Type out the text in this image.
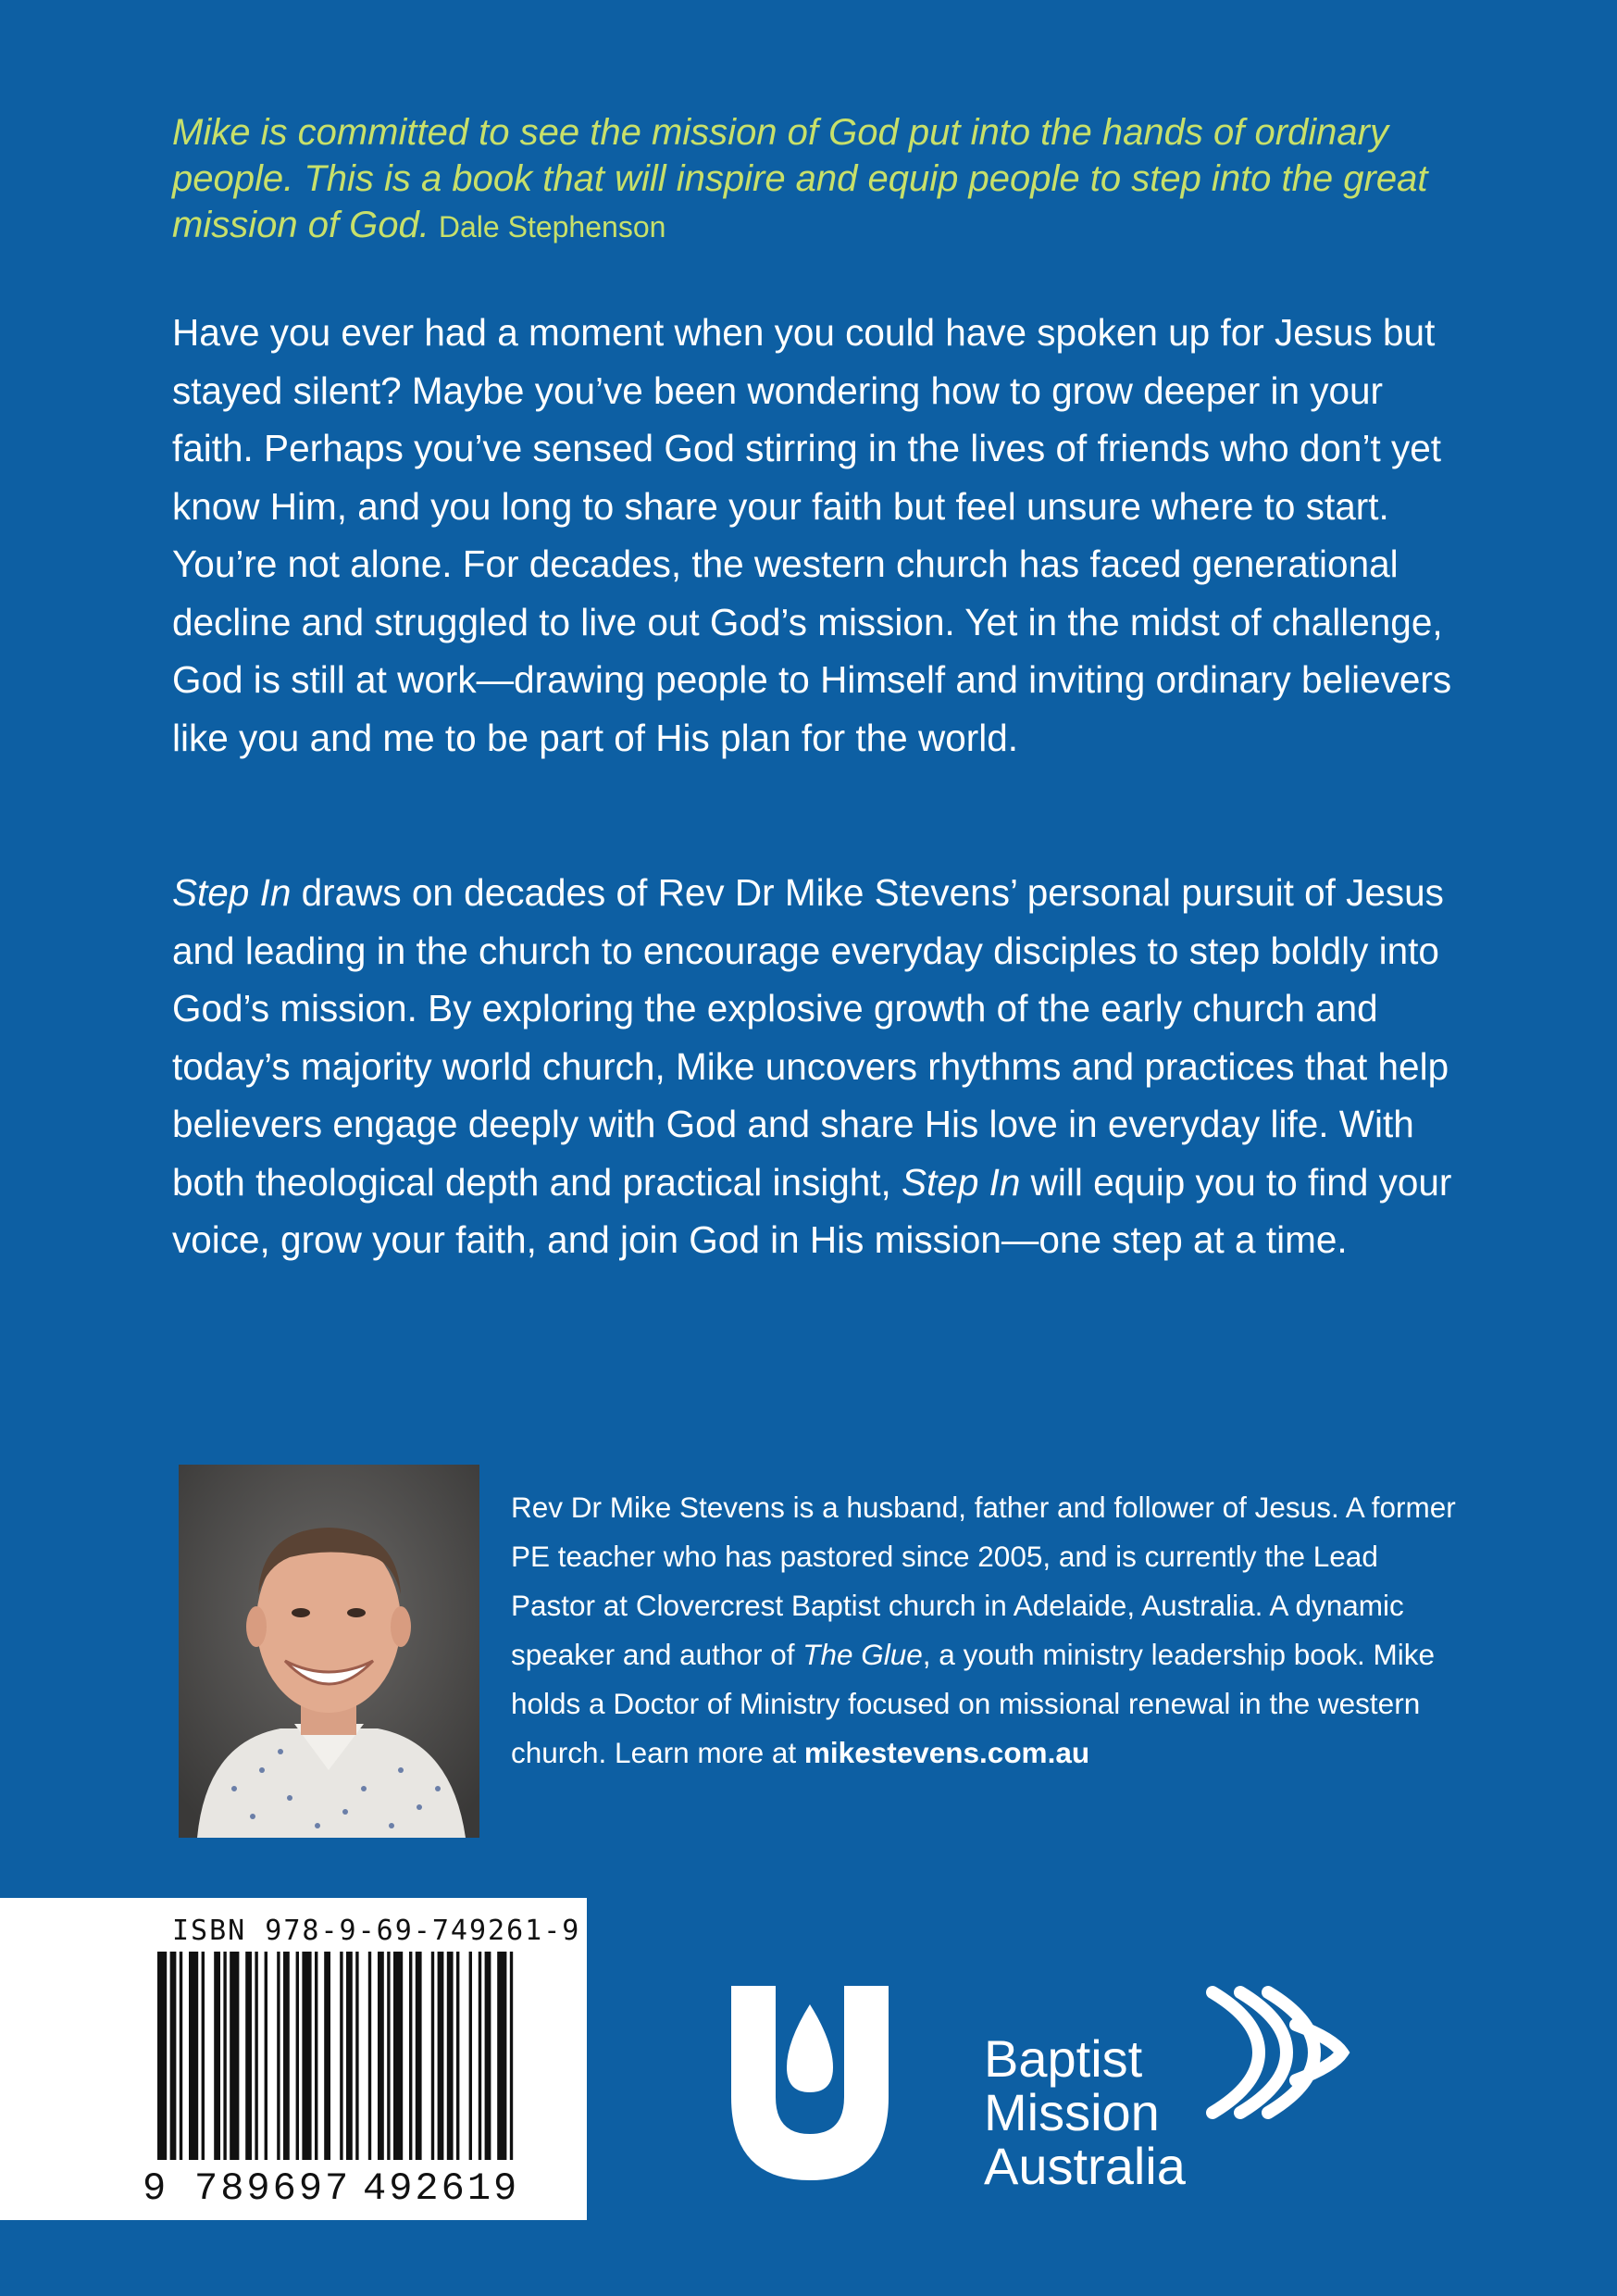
Mike is committed to see the mission of God put into the hands of ordinary people. This is a book that will inspire and equip people to step into the great mission of God. Dale Stephenson

Have you ever had a moment when you could have spoken up for Jesus but stayed silent? Maybe you’ve been wondering how to grow deeper in your faith. Perhaps you’ve sensed God stirring in the lives of friends who don’t yet know Him, and you long to share your faith but feel unsure where to start. You’re not alone. For decades, the western church has faced generational decline and struggled to live out God’s mission. Yet in the midst of challenge, God is still at work—drawing people to Himself and inviting ordinary believers like you and me to be part of His plan for the world.

Step In draws on decades of Rev Dr Mike Stevens’ personal pursuit of Jesus and leading in the church to encourage everyday disciples to step boldly into God’s mission. By exploring the explosive growth of the early church and today’s majority world church, Mike uncovers rhythms and practices that help believers engage deeply with God and share His love in everyday life. With both theological depth and practical insight, Step In will equip you to find your voice, grow your faith, and join God in His mission—one step at a time.

Rev Dr Mike Stevens is a husband, father and follower of Jesus. A former PE teacher who has pastored since 2005, and is currently the Lead Pastor at Clovercrest Baptist church in Adelaide, Australia. A dynamic speaker and author of The Glue, a youth ministry leadership book. Mike holds a Doctor of Ministry focused on missional renewal in the western church. Learn more at mikestevens.com.au
ISBN 978-9-69-749261-9
9 789697 492619
Baptist
Mission
Australia
